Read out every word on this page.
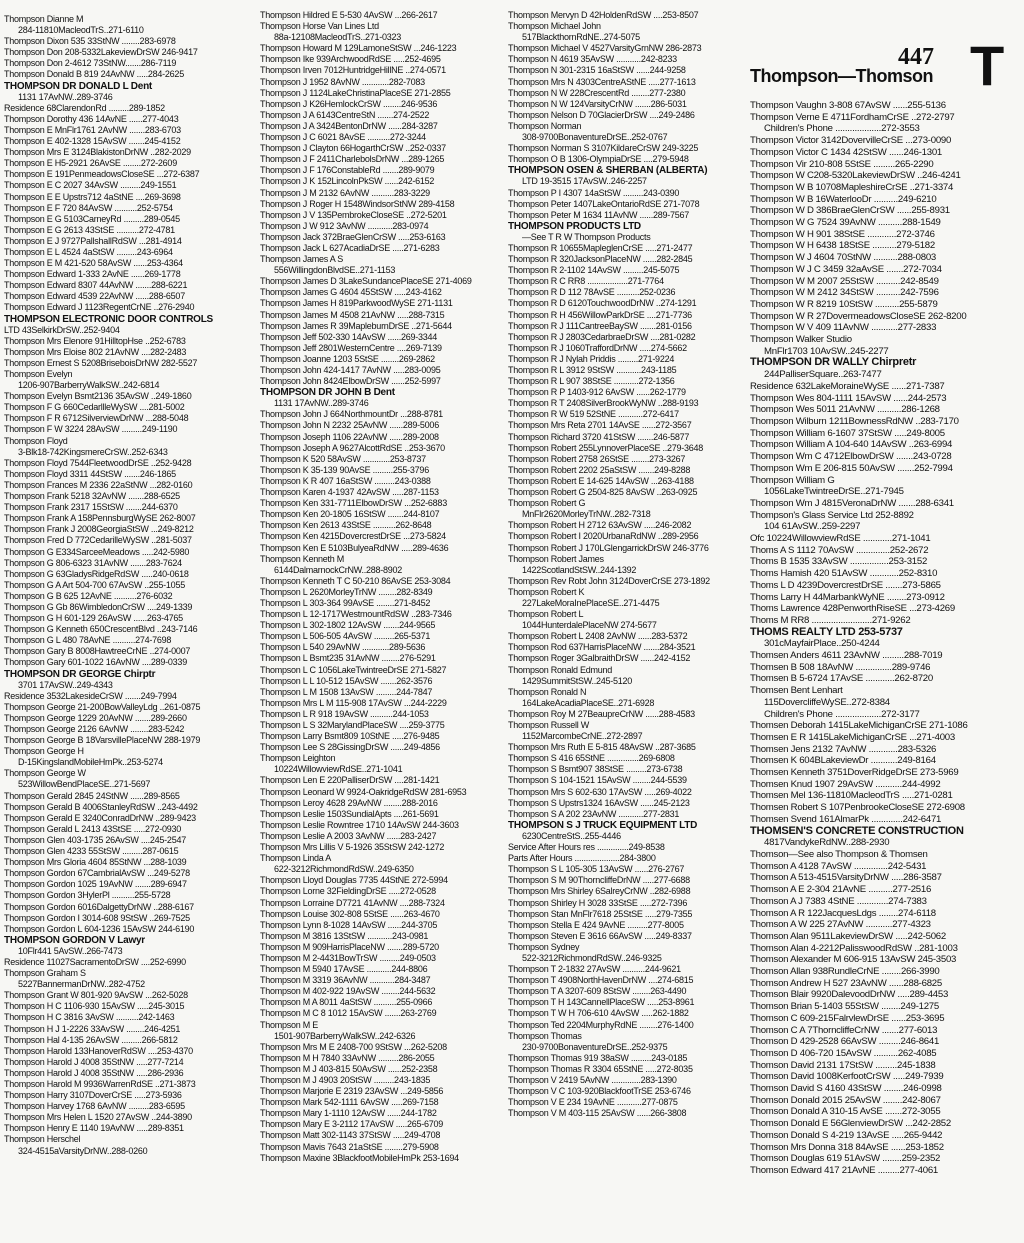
447
Thompson—Thomson T
Thompson Dianne M
284-11810MacleodTrS..271-6110
Thompson Dixon 535 33StNW ........283-6978
Thompson Don 208-5332LakeviewDrSW 246-9417
Thompson Don 2-4612 73StNW.......286-7119
Thompson Donald B 819 24AvNW .....284-2625
THOMPSON DR DONALD L Dent
1131 17AvNW..289-3746
Residence 68ClarendonRd .........289-1852
Thompson Dorothy 436 14AvNE ......277-4043
Thompson E MnFlr1761 2AvNW .......283-6703
Thompson E 402-1328 15AvSW .......245-4152
Thompson Mrs E 3124BlakistonDrNW ..282-2029
Thompson E H5-2921 26AvSE ........272-2609
Thompson E 191PenmeadowsCloseSE ...272-6387
Thompson E C 2027 34AvSW .........249-1551
Thompson E E Upstrs712 4aStNE ....269-3698
Thompson E F 720 84AvSW ..........252-5754
Thompson E G 5103CarneyRd .........289-0545
Thompson E G 2613 43StSE ..........272-4781
Thompson E J 9727PallshallRdSW ...281-4914
Thompson E L 4524 4aStSW .........243-6964
Thompson E M 421-520 58AvSW ......253-4364
Thompson Edward 1-333 2AvNE ......269-1778
Thompson Edward 8307 44AvNW .......288-6221
Thompson Edward 4539 22AvNW ......288-6507
Thompson Edward J 1123RegentCrNE ..276-2940
THOMPSON ELECTRONIC DOOR CONTROLS
LTD 43SelkirkDrSW..252-9404
Thompson Mrs Elenore 91HilltopHse ..252-6783
Thompson Mrs Eloise 802 21AvNW ....282-2483
Thompson Ernest S 5208BriseboisDrNW 282-5527
Thompson Evelyn
1206-907BarberryWalkSW..242-6814
Thompson Evelyn Bsmt2136 35AvSW ..249-1860
Thompson F G 660CedarllleWySW ....281-5002
Thompson F R 6712SilverviewDrNW ...288-5048
Thompson F W 3224 28AvSW .........249-1190
Thompson Floyd
3-Blk18-742KingsmereCrSW..252-6343
Thompson Floyd 7544FleetwoodDrSE ..252-9428
Thompson Floyd 3311 44StSW .......246-1865
Thompson Frances M 2336 22aStNW ...282-0160
Thompson Frank 5218 32AvNW .......288-6525
Thompson Frank 2317 15StSW .......244-6370
Thompson Frank A 158PennsburgWySE 262-8007
Thompson Frank J 2008GeorgiaStSW ...249-8212
Thompson Fred D 772CedarilleWySW ..281-5037
Thompson G E334SarceeMeadows .....242-5980
Thompson G 806-6323 31AvNW .......283-7624
Thompson G 63GladysRidgeRdSW .....240-0618
Thompson G A Art 504-700 67AvSW ..255-1055
Thompson G B 625 12AvNE ..........276-6032
Thompson G Gb 86WimbledonCrSW ....249-1339
Thompson G H 601-129 26AvSW ......263-4765
Thompson G Kenneth 650CrescentBlvd ..243-7146
Thompson G L 480 78AvNE ..........274-7698
Thompson Gary B 8008HawtreeCrNE ..274-0007
Thompson Gary 601-1022 16AvNW ....289-0339
THOMPSON DR GEORGE Chirptr
3701 17AvSW..249-4343
Residence 3532LakesideCrSW .......249-7994
Thompson George 21-200BowValleyLdg ..261-0875
Thompson George 1229 20AvNW .......289-2660
Thompson George 2126 6AvNW ........283-5242
Thompson George B 18VarsvillePlaceNW 288-1979
Thompson George H
D-15KingslandMobileHmPk..253-5274
Thompson George W
523WillowBendPlaceSE..271-5697
Thompson Gerald 2845 24StNW ......289-8565
Thompson Gerald B 4006StanleyRdSW ..243-4492
Thompson Gerald E 3240ConradDrNW ..289-9423
Thompson Gerald L 2413 43StSE .....272-0930
Thompson Glen 403-1735 26AvSW ....245-2547
Thompson Glen 4233 55StSW .........287-0615
Thompson Mrs Gloria 4604 85StNW ...288-1039
Thompson Gordon 67CambrialAvSW ...249-5278
Thompson Gordon 1025 19AvNW .......289-6947
Thompson Gordon 3HylerPl ..........255-5728
Thompson Gordon 6016DalgettyDrNW ..288-6167
Thompson Gordon I 3014-608 9StSW ..269-7525
Thompson Gordon L 604-1236 15AvSW 244-6190
THOMPSON GORDON V Lawyr
10Flr441 5AvSW..266-7473
Residence 11027SacramentoDrSW ....252-6990
Thompson Graham S
5227BannermanDrNW..282-4752
Thompson Grant W 801-920 9AvSW ...262-5028
Thompson H C 1106-930 15AvSW .....245-3015
Thompson H C 3816 3AvSW ..........242-1463
Thompson H J 1-2226 33AvSW ........246-4251
Thompson Hal 4-135 26AvSW .........266-5812
Thompson Harold 133HanoverRdSW ....253-4370
Thompson Harold J 4008 35StNW .....277-7214
Thompson Harold J 4008 35StNW .....286-2936
Thompson Harold M 9936WarrenRdSE ..271-3873
Thompson Harry 3107DoverCrSE .....273-5936
Thompson Harvey 1768 6AvNW .........283-6595
Thompson Mrs Helen L 1520 27AvSW ..244-3890
Thompson Henry E 1140 19AvNW .....289-8351
Thompson Herschel
324-4515aVarsityDrNW..288-0260
Thompson Hildred E 5-530 4AvSW ...266-2617
Thompson Horse Van Lines Ltd
88a-12108MacleodTrS..271-0323
Thompson Howard M 129LamoneStSW ...246-1223
Thompson Ike 939ArchwoodRdSE .....252-4695
Thompson Irven 7012HuntridgeHillNE ..274-0571
Thompson J 1952 8AvNW ............282-7083
Thompson J 1124LakeChristinaPlaceSE 271-2855
Thompson J K26HemlockCrSW ........246-9536
Thompson J A 6143CentreStN .......274-2522
Thompson J A 3424BentonDrNW ......284-3287
Thompson J C 6021 8AvSE ..........272-3244
Thompson J Clayton 66HogarthCrSW ..252-0337
Thompson J F 2411CharlebolsDrNW ...289-1265
Thompson J F 176ConstableRd .......289-9079
Thompson J K 152LincolnPkSW ......242-6152
Thompson J M 2132 6AvNW ..........283-3229
Thompson J Roger H 1548WindsorStNW 289-4158
Thompson J V 135PembrokeCloseSE ..272-5201
Thompson J W 912 3AvNW ...........283-0974
Thompson Jack 372BraeGlenCrSW .....253-6163
Thompson Jack L 627AcadiaDrSE .....271-6283
Thompson James A S
556WillingdonBlvdSE..271-1153
Thompson James D 3LakeSundancePlaceSE 271-4069
Thompson James G 4604 45StSW .....243-4162
Thompson James H 819ParkwoodWySE 271-1131
Thompson James M 4508 21AvNW .....288-7315
Thompson James R 39MapleburnDrSE ..271-5644
Thompson Jeff 502-330 14AvSW ......269-3344
Thompson Jeff 2801WesternCentre ....269-7139
Thompson Joanne 1203 5StSE ........269-2862
Thompson John 424-1417 7AvNW .....283-0095
Thompson John 8424ElbowDrSW ......252-5997
THOMPSON DR JOHN B Dent
1131 17AvNW..289-3746
Thompson John J 664NorthmountDr ...288-8781
Thompson John N 2232 25AvNW ......289-5006
Thompson Joseph 1106 22AvNW ......289-2008
Thompson Joseph A 9627AlcottRdSE ..253-3670
Thompson K 520 58AvSW ............253-8737
Thompson K 35-139 90AvSE .........255-3796
Thompson K R 407 16aStSW .........243-0388
Thompson Karen 4-1937 42AvSW .....287-1153
Thompson Ken 331-7711ElbowDrSW ...252-6883
Thompson Ken 20-1805 16StSW .......244-8107
Thompson Ken 2613 43StSE ..........262-8648
Thompson Ken 4215DovercrestDrSE ...273-5824
Thompson Ken E 5103BulyeaRdNW .....289-4636
Thompson Kenneth M
6144DalmarnockCrNW..288-8902
Thompson Kenneth T C 50-210 86AvSE 253-3084
Thompson L 2620MorleyTrNW ........282-8349
Thompson L 303-364 99AvSE ........271-8452
Thompson L 12-1717WestmountRdSW ..283-7346
Thompson L 302-1802 12AvSW .......244-9565
Thompson L 506-505 4AvSW .........265-5371
Thompson L 540 29AvNW ............289-5636
Thompson L Bsmt235 31AvNW ........276-5291
Thompson L C 1056LakeTwintreeDrSE 271-5827
Thompson L L 10-512 15AvSW .......262-3576
Thompson L M 1508 13AvSW .........244-7847
Thompson Mrs L M 115-908 17AvSW ...244-2229
Thompson L R 918 19AvSW ..........244-1053
Thompson L S 32MarylandPlaceSW ....259-3775
Thompson Larry Bsmt809 10StNE .....276-9485
Thompson Lee S 28GissingDrSW ......249-4856
Thompson Leighton
10224WillowviewRdSE..271-1041
Thompson Len E 220PalliserDrSW ....281-1421
Thompson Leonard W 9924-OakridgeRdSW 281-6953
Thompson Leroy 4628 29AvNW ........288-2016
Thompson Leslie 1503SundialApts ....261-5691
Thompson Leslie Rowntree 1710 14AvSW 244-3603
Thompson Leslie A 2003 3AvNW ......283-2427
Thompson Mrs Lillis V 5-1926 35StSW 242-1272
Thompson Linda A
622-3212RichmondRdSW..249-6350
Thompson Lloyd Douglas 7735 44StNE 272-5994
Thompson Lorne 32FieldingDrSE .....272-0528
Thompson Lorraine D7721 41AvNW ....288-7324
Thompson Louise 302-808 5StSE ......263-4670
Thompson Lynn 8-1028 14AvSW ......244-3705
Thompson M 3816 13StSW ...........243-0981
Thompson M 909HarrisPlaceNW .......289-5720
Thompson M 2-4431BowTrSW .........249-0503
Thompson M 5940 17AvSE ...........244-8806
Thompson M 3319 36AvNW ...........284-3487
Thompson M 402-922 19AvSW ........244-5632
Thompson M A 8011 4aStSW ..........255-0966
Thompson M C 8 1012 15AvSW .......263-2769
Thompson M E
1501-907BarberryWalkSW..242-6326
Thompson Mrs M E 2408-700 9StSW ...262-5208
Thompson M H 7840 33AvNW .........286-2055
Thompson M J 403-815 50AvSW ......252-2358
Thompson M J 4903 20StSW .........243-1835
Thompson Marjorie E 2319 23AvSW ...249-5856
Thompson Mark 542-1111 6AvSW .....269-7158
Thompson Mary 1-1110 12AvSW ......244-1782
Thompson Mary E 3-2112 17AvSW .....265-6709
Thompson Matt 302-1143 37StSW .....249-4708
Thompson Mavis 7643 21aStSE ........279-5908
Thompson Maxine 3BlackfootMobileHmPk 253-1694
Thompson Mervyn D 42HoldenRdSW ....253-8507
Thompson Michael John
517BlackthornRdNE..274-5075
Thompson Michael V 4527VarsityGrnNW 286-2873
Thompson N 4619 35AvSW ...........242-8233
Thompson N 301-2315 16aStSW ......244-9258
Thompson Mrs N 4303CentreAStNE .....277-1613
Thompson N W 228CrescentRd ........277-2380
Thompson N W 124VarsityCrNW .......286-5031
Thompson Nelson D 70GlacierDrSW ....249-2486
Thompson Norman
308-9700BonaventureDrSE..252-0767
Thompson Norman S 3107KildareCrSW 249-3225
Thompson O B 1306-OlympiaDrSE ....279-5948
THOMPSON OSEN & SHERBAN (ALBERTA)
LTD 19-3515 17AvSW..246-2257
Thompson P I 4307 14aStSW .........243-0390
Thompson Peter 1407LakeOntarioRdSE 271-7078
Thompson Peter M 1634 11AvNW ......289-7567
THOMPSON PRODUCTS LTD
—See T R W Thompson Products
Thompson R 10655MapleglenCrSE .....271-2477
Thompson R 320JacksonPlaceNW ......282-2845
Thompson R 2-1102 14AvSW .........245-5075
Thompson R C RR8 ..................271-7764
Thompson R D 112 78AvSE ..........252-0236
Thompson R D 6120TouchwoodDrNW ..274-1291
Thompson R H 456WillowParkDrSE ....271-7736
Thompson R J 111CantreeBaySW .......281-0156
Thompson R J 2803CedarbraeDrSW ....281-0282
Thompson R J 1060TraffordDrNW .....274-5662
Thompson R J Nylah Priddis .........271-9224
Thompson R L 3912 9StSW ...........243-1185
Thompson R L 907 38StSE ...........272-1356
Thompson R P 1403-912 6AvSW ......262-1779
Thompson R T 2408SilverBrookWyNW ..288-9193
Thompson R W 519 52StNE ...........272-6417
Thompson Mrs Reta 2701 14AvSE ......272-3567
Thompson Richard 3720 41StSW .......246-5877
Thompson Robert 255LynnoverPlaceSE ..279-3648
Thompson Robert 2758 26StSE ........273-3267
Thompson Robert 2202 25aStSW .......249-8288
Thompson Robert E 14-625 14AvSW ...263-4188
Thompson Robert G 2504-825 8AvSW ..263-0925
Thompson Robert G
MnFlr2620MorleyTrNW..282-7318
Thompson Robert H 2712 63AvSW .....246-2082
Thompson Robert I 2020UrbanaRdNW ..289-2956
Thompson Robert J 170LGlengarrickDrSW 246-3776
Thompson Robert James
1422ScotlandStSW..244-1392
Thompson Rev Robt John 3124DoverCrSE 273-1892
Thompson Robert K
227LakeMoraInePlaceSE..271-4475
Thompson Robert L
1044HunterdalePlaceNW 274-5677
Thompson Robert L 2408 2AvNW ......283-5372
Thompson Rod 637HarrisPlaceNW .......284-3521
Thompson Roger 3GalbraithDrSW ......242-4152
Thompson Ronald Edmund
1429SummitStSW..245-5120
Thompson Ronald N
164LakeAcadiaPlaceSE..271-6928
Thompson Roy M 27BeaupreCrNW ......288-4583
Thompson Russell W
1152MarcombeCrNE..272-2897
Thompson Mrs Ruth E 5-815 48AvSW ..287-3685
Thompson S 416 65StNE ..............269-6808
Thompson S Bsmt907 38StSE .........273-6738
Thompson S 104-1521 15AvSW ........244-5539
Thompson Mrs S 602-630 17AvSW .....269-4022
Thompson S Upstrs1324 16AvSW ......245-2123
Thompson S A 202 23AvNW ...........277-2831
THOMPSON S J TRUCK EQUIPMENT LTD
6230CentreStS..255-4446
Service After Hours res ..............249-8538
Parts After Hours ....................284-3800
Thompson S L 105-305 13AvSW ......276-2767
Thompson S M 90ThorncliffeDrNW .....277-6688
Thompson Mrs Shirley 6SalreyCrNW ..282-6988
Thompson Shirley H 3028 33StSE .....272-7396
Thompson Stan MnFlr7618 25StSE .....279-7355
Thompson Stella E 424 9AvNE .........277-8005
Thompson Steven E 3616 66AvSW .....249-8337
Thompson Sydney
522-3212RichmondRdSW..246-9325
Thompson T 2-1832 27AvSW ..........244-9621
Thompson T 4908NorthHavenDrNW ....274-6815
Thompson T A 3207-609 8StSW ........263-4490
Thompson T H 143CannellPlaceSW .....253-8961
Thompson T W H 706-610 4AvSW .....262-1882
Thompson Ted 2204MurphyRdNE ........276-1400
Thompson Thomas
230-9700BonaventureDrSE..252-9375
Thompson Thomas 919 38aSW .........243-0185
Thompson Thomas R 3304 65StNE .....272-8035
Thompson V 2419 5AvNW .............283-1390
Thompson V C 103-920BlackfootTrSE 253-6746
Thompson V E 234 19AvNE ...........277-0875
Thompson V M 403-115 25AvSW ......266-3808
Thompson Vaughn 3-808 67AvSW ......255-5136
Thompson Verne E 4711FordhamCrSE ..272-2797
Children's Phone ...................272-3553
Thompson Victor 3142DovervilleCrSE ...273-0090
Thompson Victor C 1434 42StSW ......246-1301
Thompson Vir 210-808 5StSE .........265-2290
Thompson W C208-5320LakeviewDrSW ..246-4241
Thompson W B 10708MapleshireCrSE ..271-3374
Thompson W B 16WaterlooDr ..........249-6210
Thompson W D 386BraeGlenCrSW ......255-8931
Thompson W G 7524 39AvNW ..........288-1549
Thompson W H 901 38StSE ............272-3746
Thompson W H 6438 18StSE ..........279-5182
Thompson W J 4604 70StNW ..........288-0803
Thompson W J C 3459 32aAvSE .......272-7034
Thompson W M 2007 25StSW ..........242-8549
Thompson W M 2412 34StSW ..........242-7596
Thompson W R 8219 10StSW ..........255-5879
Thompson W R 27DovermeadowsCloseSE 262-8200
Thompson W V 409 11AvNW ...........277-2833
Thompson Walker Studio
MnFlr1703 10AvSW..245-2277
THOMPSON DR WALLY Chirpretr
244PalliserSquare..263-7477
Residence 632LakeMoraineWySE ......271-7387
Thompson Wes 804-1111 15AvSW ......244-2573
Thompson Wes 5011 21AvNW ..........286-1268
Thompson Wilburn 1211BownessRdNW ..283-7170
Thompson William 6-1607 37StSW .....249-8005
Thompson William A 104-640 14AvSW ..263-6994
Thompson Wm C 4712ElbowDrSW .......243-0728
Thompson Wm E 206-815 50AvSW .......252-7994
Thompson William G
1056LakeTwintreeDrSE..271-7945
Thompson Wm J 4815VeronaDrNW .......288-6341
Thompson's Glass Service Ltd 252-8892
104 61AvSW..259-2297
Ofc 10224WillowviewRdSE ............271-1041
Thoms A S 1112 70AvSW ..............252-2672
Thoms B 1535 33AvSW ................253-3152
Thoms Hamish 420 51AvSW ............252-8310
Thoms L D 4239DovercrestDrSE .......273-5865
Thoms Larry H 44MarbankWyNE ........273-0912
Thoms Lawrence 428PenworthRiseSE ...273-4269
Thoms M RR8 .........................271-9262
THOMS REALTY LTD 253-5737
301cMayfairPlace..250-4244
Thomsen Anders 4611 23AvNW .........288-7019
Thomsen B 508 18AvNW ...............289-9746
Thomsen B 5-6724 17AvSE ............262-8720
Thomsen Bent Lenhart
115DovercliffeWySE..272-8384
Children's Phone ...................272-3177
Thomsen Deborah 1415LakeMichiganCrSE 271-1086
Thomsen E R 1415LakeMichiganCrSE ...271-4003
Thomsen Jens 2132 7AvNW ............283-5326
Thomsen K 604BLakeviewDr ...........249-8164
Thomsen Kenneth 3751DoverRidgeDrSE 273-5969
Thomsen Knud 1907 29AvSW ...........244-4992
Thomsen Mel 136-11810MacleodTrS .....271-0281
Thomsen Robert S 107PenbrookeCloseSE 272-6908
Thomsen Svend 161AlmarPk .............242-6471
THOMSEN'S CONCRETE CONSTRUCTION
4817VandykeRdNW..288-2930
Thomson—See also Thompson & Thomsen
Thomson A 4128 7AvSW ..............242-5431
Thomson A 513-4515VarsityDrNW .....286-3587
Thomson A E 2-304 21AvNE ..........277-2516
Thomson A J 7383 4StNE .............274-7383
Thomson A R 122JacquesLdgs ........274-6118
Thomson A W 225 27AvNW ...........277-4323
Thomson Alan 9511LakeviewDrSW .....242-5062
Thomson Alan 4-2212PalisswoodRdSW ..281-1003
Thomson Alexander M 606-915 13AvSW 245-3503
Thomson Allan 938RundleCrNE ........266-3990
Thomson Andrew H 527 23AvNW ......288-6825
Thomson Blair 9920DalevoodDrNW .....289-4453
Thomson Brian 5-1403 55StSW ........249-1275
Thomson C 609-215FalrvlewDrSE ......253-3695
Thomson C A 7ThorncliffeCrNW .......277-6013
Thomson D 429-2528 66AvSW .........246-8641
Thomson D 406-720 15AvSW ..........262-4085
Thomson David 2131 17StSW .........245-1838
Thomson David 1008KerfootCrSW .....249-7939
Thomson David S 4160 43StSW ........246-0998
Thomson Donald 2015 25AvSW ........242-8067
Thomson Donald A 310-15 AvSE .......272-3055
Thomson Donald E 56GlenviewDrSW ...242-2852
Thomson Donald S 4-219 13AvSE .....265-9442
Thomson Mrs Donna 318 84AvSE ......253-1852
Thomson Douglas 619 51AvSW ........259-2352
Thomson Edward 417 21AvNE .........277-4061
